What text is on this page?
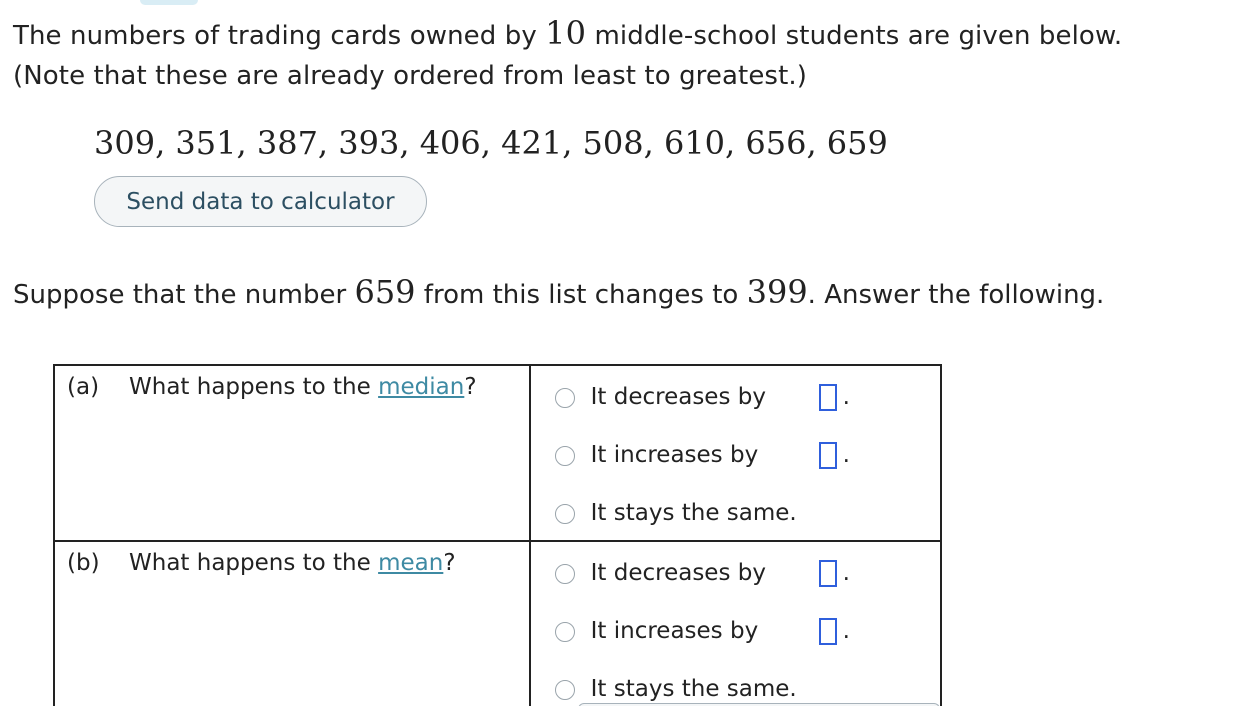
The numbers of trading cards owned by 10 middle-school students are given below.
(Note that these are already ordered from least to greatest.)
309, 351, 387, 393, 406, 421, 508, 610, 656, 659
Send data to calculator
Suppose that the number 659 from this list changes to 399. Answer the following.
(a) What happens to the median?	It decreases by .
It increases by .
It stays the same.

(b) What happens to the mean?	It decreases by .
It increases by .
It stays the same.
